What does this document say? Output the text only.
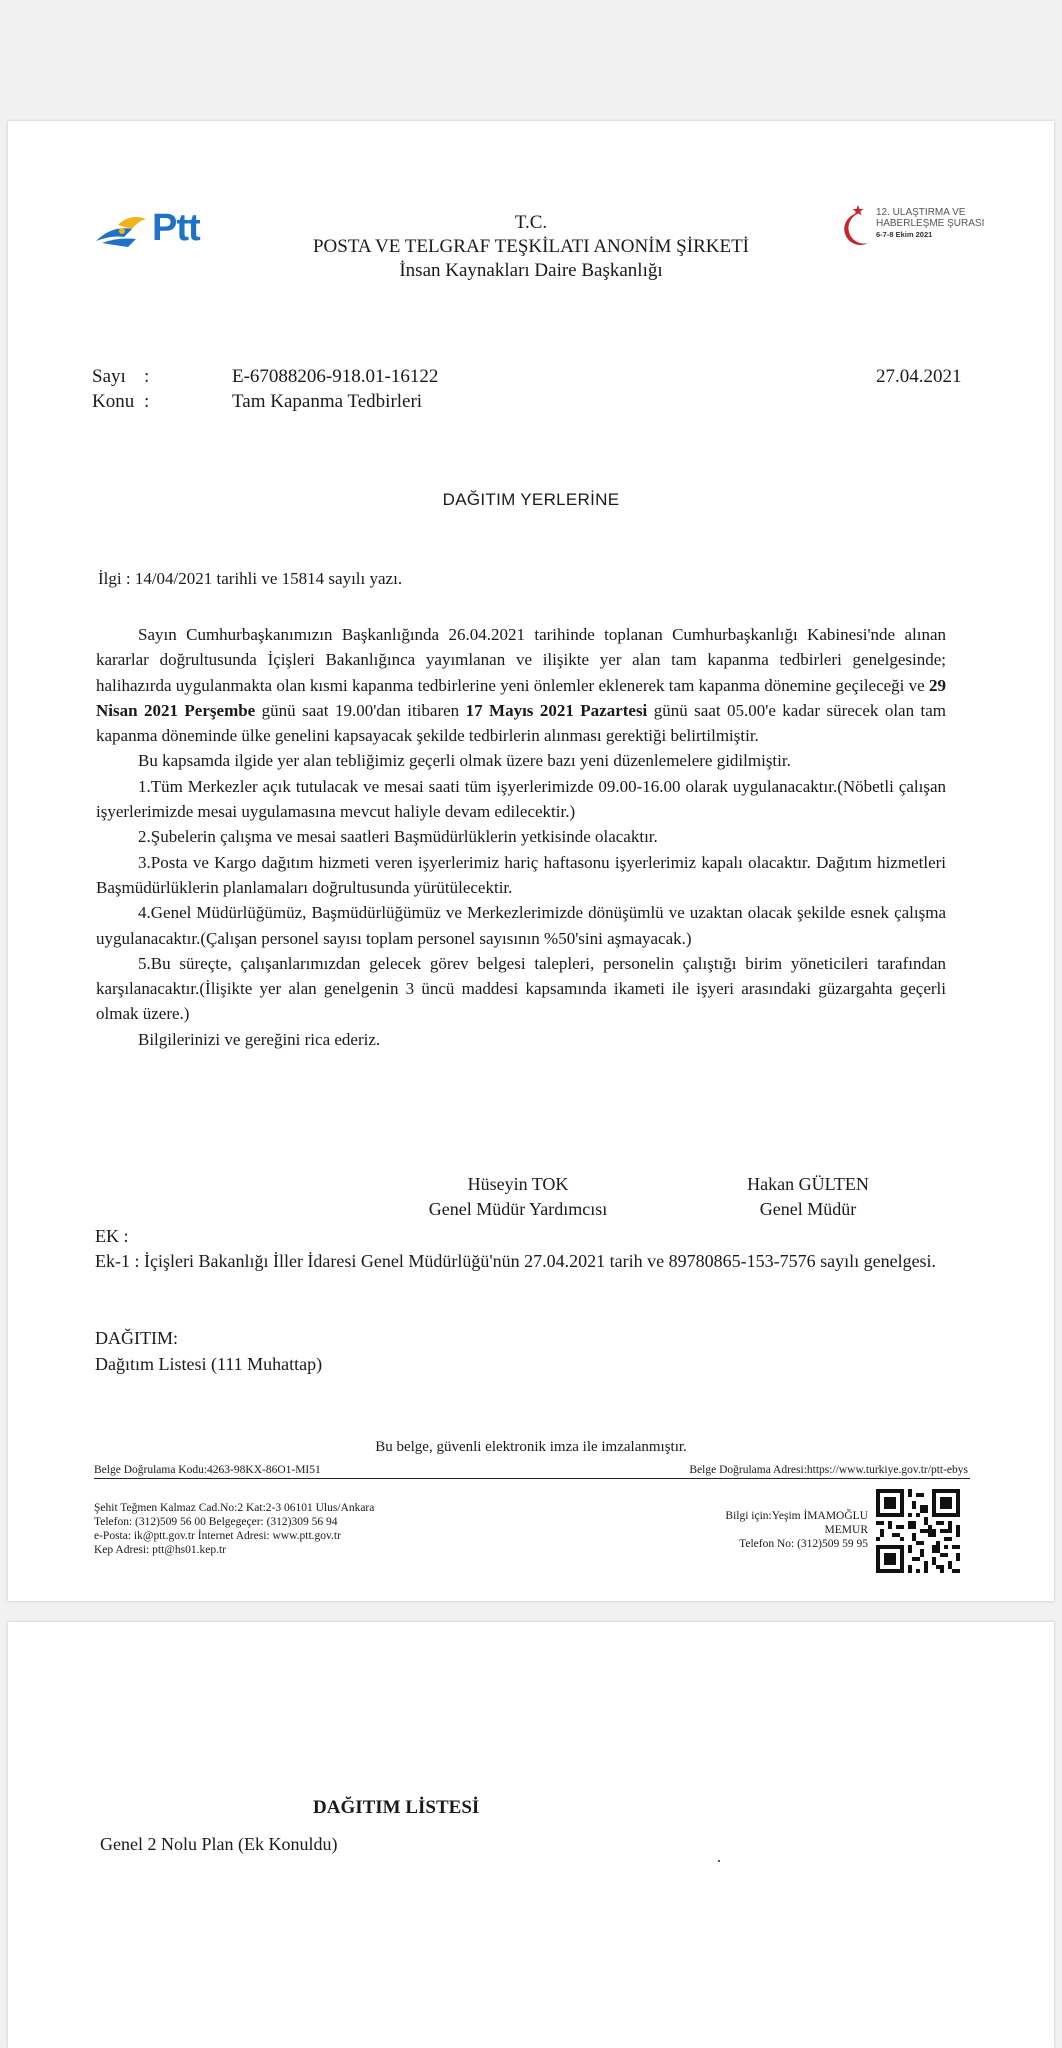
Ptt	T.C.
POSTA VE TELGRAF TEŞKİLATI ANONİM ŞİRKETİ
İnsan Kaynakları Daire Başkanlığı
12. ULAŞTIRMA VE
HABERLEŞME ŞURASI
6-7-8 Ekim 2021
Sayı :	E-67088206-918.01-16122	27.04.2021
Konu :	Tam Kapanma Tedbirleri
DAĞITIM YERLERİNE
İlgi : 14/04/2021 tarihli ve 15814 sayılı yazı.

Sayın Cumhurbaşkanımızın Başkanlığında 26.04.2021 tarihinde toplanan Cumhurbaşkanlığı Kabinesi'nde alınan kararlar doğrultusunda İçişleri Bakanlığınca yayımlanan ve ilişikte yer alan tam kapanma tedbirleri genelgesinde; halihazırda uygulanmakta olan kısmi kapanma tedbirlerine yeni önlemler eklenerek tam kapanma dönemine geçileceği ve 29 Nisan 2021 Perşembe günü saat 19.00'dan itibaren 17 Mayıs 2021 Pazartesi günü saat 05.00'e kadar sürecek olan tam kapanma döneminde ülke genelini kapsayacak şekilde tedbirlerin alınması gerektiği belirtilmiştir.

Bu kapsamda ilgide yer alan tebliğimiz geçerli olmak üzere bazı yeni düzenlemelere gidilmiştir.

1.Tüm Merkezler açık tutulacak ve mesai saati tüm işyerlerimizde 09.00-16.00 olarak uygulanacaktır.(Nöbetli çalışan işyerlerimizde mesai uygulamasına mevcut haliyle devam edilecektir.)

2.Şubelerin çalışma ve mesai saatleri Başmüdürlüklerin yetkisinde olacaktır.

3.Posta ve Kargo dağıtım hizmeti veren işyerlerimiz hariç haftasonu işyerlerimiz kapalı olacaktır. Dağıtım hizmetleri Başmüdürlüklerin planlamaları doğrultusunda yürütülecektir.

4.Genel Müdürlüğümüz, Başmüdürlüğümüz ve Merkezlerimizde dönüşümlü ve uzaktan olacak şekilde esnek çalışma uygulanacaktır.(Çalışan personel sayısı toplam personel sayısının %50'sini aşmayacak.)

5.Bu süreçte, çalışanlarımızdan gelecek görev belgesi talepleri, personelin çalıştığı birim yöneticileri tarafından karşılanacaktır.(İlişikte yer alan genelgenin 3 üncü maddesi kapsamında ikameti ile işyeri arasındaki güzargahta geçerli olmak üzere.)

Bilgilerinizi ve gereğini rica ederiz.

Hüseyin TOK
Genel Müdür Yardımcısı
Hakan GÜLTEN
Genel Müdür
EK :
Ek-1 : İçişleri Bakanlığı İller İdaresi Genel Müdürlüğü'nün 27.04.2021 tarih ve 89780865-153-7576 sayılı genelgesi.
DAĞITIM:
Dağıtım Listesi (111 Muhattap)
Bu belge, güvenli elektronik imza ile imzalanmıştır.
Belge Doğrulama Kodu:4263-98KX-86O1-MI51	Belge Doğrulama Adresi:https://www.turkiye.gov.tr/ptt-ebys
Şehit Teğmen Kalmaz Cad.No:2 Kat:2-3 06101 Ulus/Ankara
Telefon: (312)509 56 00 Belgegeçer: (312)309 56 94
e-Posta: ik@ptt.gov.tr İnternet Adresi: www.ptt.gov.tr
Kep Adresi: ptt@hs01.kep.tr
Bilgi için:Yeşim İMAMOĞLU
MEMUR
Telefon No: (312)509 59 95
DAĞITIM LİSTESİ
Genel 2 Nolu Plan (Ek Konuldu)
